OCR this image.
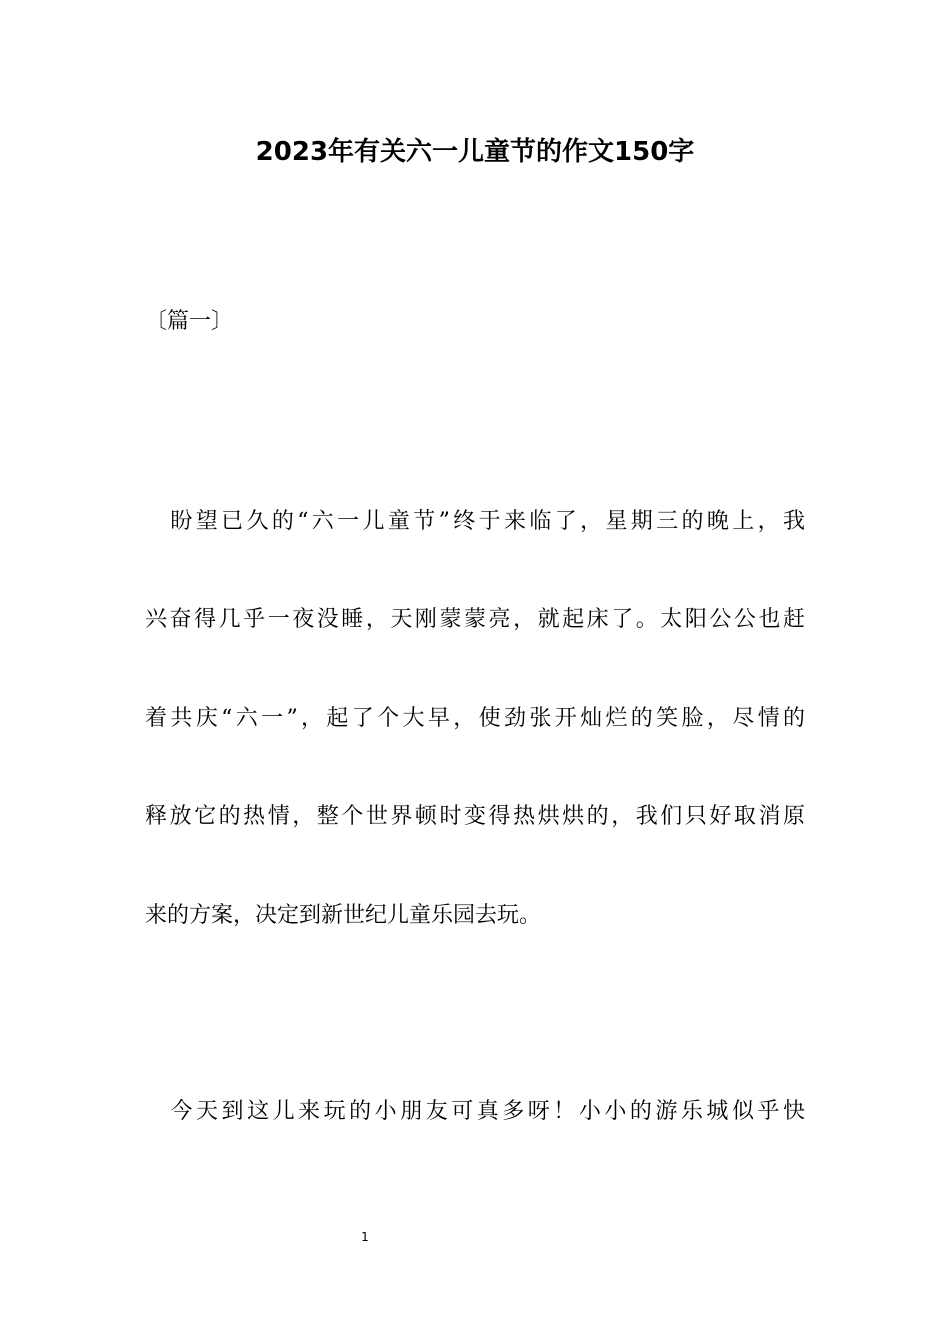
2023年有关六一儿童节的作文150字
〔篇一〕
　盼望已久的“六一儿童节”终于来临了，星期三的晚上，我
兴奋得几乎一夜没睡，天刚蒙蒙亮，就起床了。太阳公公也赶
着共庆“六一”，起了个大早，使劲张开灿烂的笑脸，尽情的
释放它的热情，整个世界顿时变得热烘烘的，我们只好取消原
来的方案，决定到新世纪儿童乐园去玩。
　今天到这儿来玩的小朋友可真多呀！小小的游乐城似乎快
1
